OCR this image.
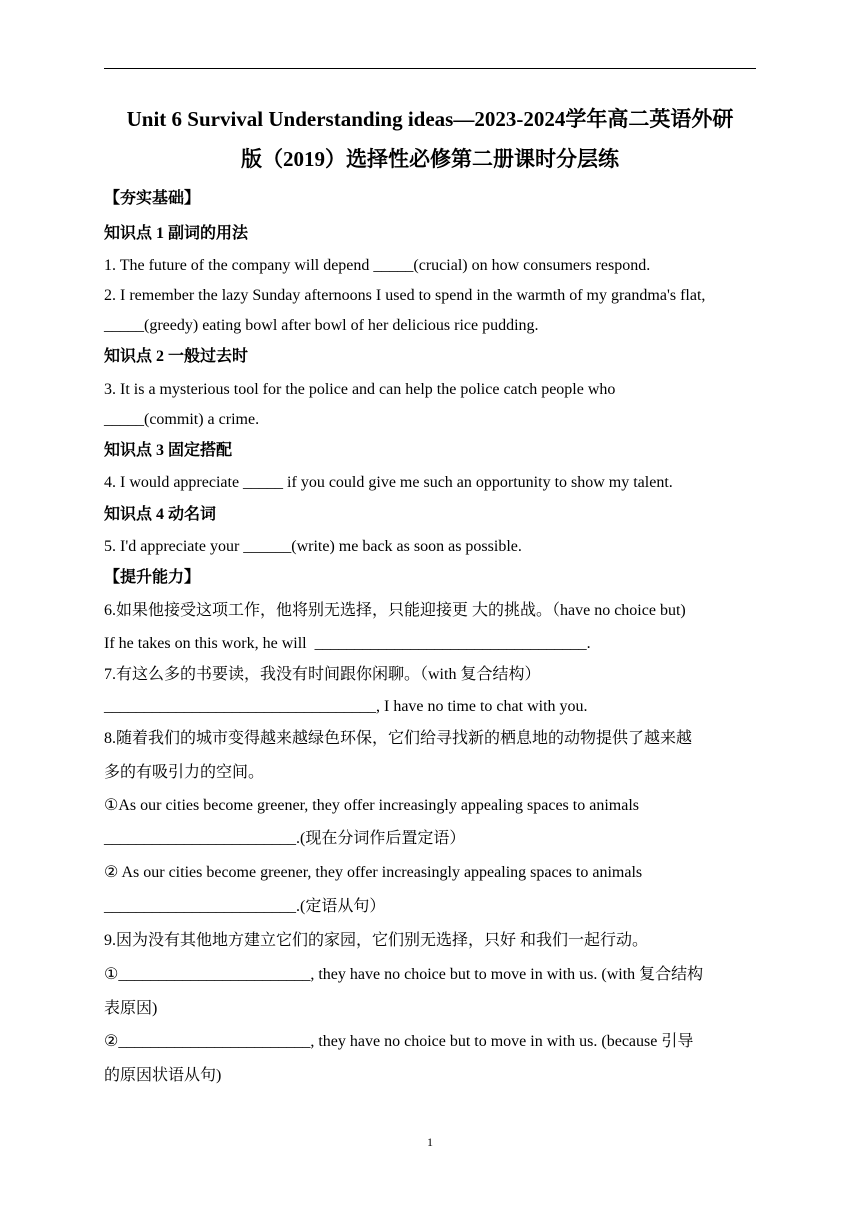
Unit 6 Survival Understanding ideas—2023-2024学年高二英语外研
版（2019）选择性必修第二册课时分层练
【夯实基础】
知识点 1 副词的用法
1. The future of the company will depend _____(crucial) on how consumers respond.
2. I remember the lazy Sunday afternoons I used to spend in the warmth of my grandma's flat,
_____(greedy) eating bowl after bowl of her delicious rice pudding.
知识点 2 一般过去时
3. It is a mysterious tool for the police and can help the police catch people who
_____(commit) a crime.
知识点 3 固定搭配
4. I would appreciate _____ if you could give me such an opportunity to show my talent.
知识点 4 动名词
5. I'd appreciate your ______(write) me back as soon as possible.
【提升能力】
6.如果他接受这项工作，他将别无选择，只能迎接更 大的挑战。（have no choice but)
If he takes on this work, he will  __________________________________.
7.有这么多的书要读，我没有时间跟你闲聊。（with 复合结构）
__________________________________, I have no time to chat with you.
8.随着我们的城市变得越来越绿色环保，它们给寻找新的栖息地的动物提供了越来越
多的有吸引力的空间。
①As our cities become greener, they offer increasingly appealing spaces to animals
________________________.(现在分词作后置定语）
② As our cities become greener, they offer increasingly appealing spaces to animals
________________________.(定语从句）
9.因为没有其他地方建立它们的家园，它们别无选择，只好 和我们一起行动。
①________________________, they have no choice but to move in with us. (with 复合结构
表原因)
②________________________, they have no choice but to move in with us. (because 引导
的原因状语从句)
1
